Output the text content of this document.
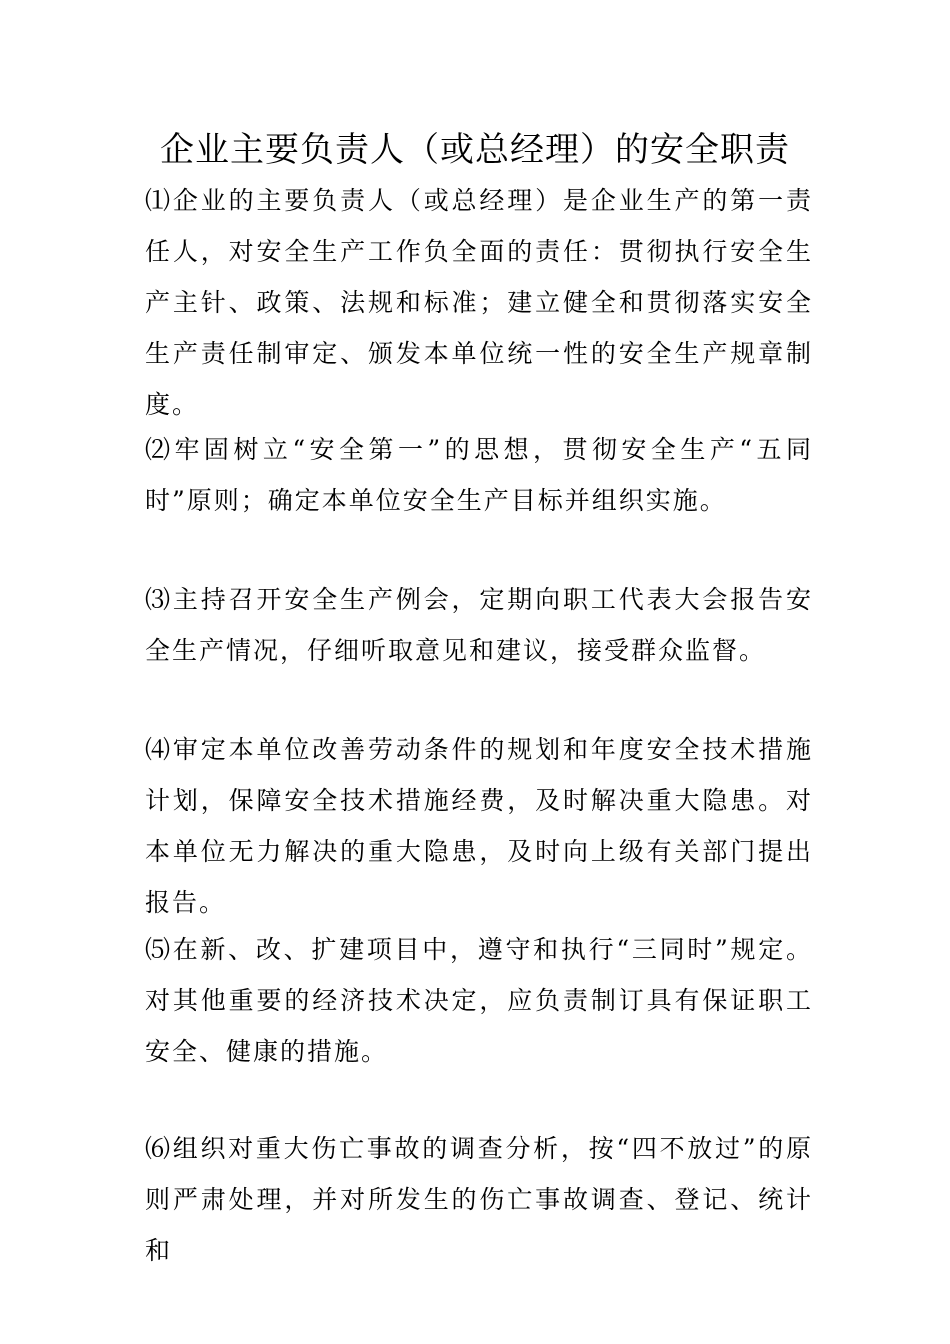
企业主要负责人（或总经理）的安全职责

⑴企业的主要负责人（或总经理）是企业生产的第一责任人，对安全生产工作负全面的责任：贯彻执行安全生产主针、政策、法规和标准；建立健全和贯彻落实安全生产责任制审定、颁发本单位统一性的安全生产规章制度。

⑵牢固树立“安全第一”的思想，贯彻安全生产“五同时”原则；确定本单位安全生产目标并组织实施。

⑶主持召开安全生产例会，定期向职工代表大会报告安全生产情况，仔细听取意见和建议，接受群众监督。

⑷审定本单位改善劳动条件的规划和年度安全技术措施计划，保障安全技术措施经费，及时解决重大隐患。对本单位无力解决的重大隐患，及时向上级有关部门提出报告。

⑸在新、改、扩建项目中，遵守和执行“三同时”规定。对其他重要的经济技术决定，应负责制订具有保证职工安全、健康的措施。

⑹组织对重大伤亡事故的调查分析，按“四不放过”的原则严肃处理，并对所发生的伤亡事故调查、登记、统计和
